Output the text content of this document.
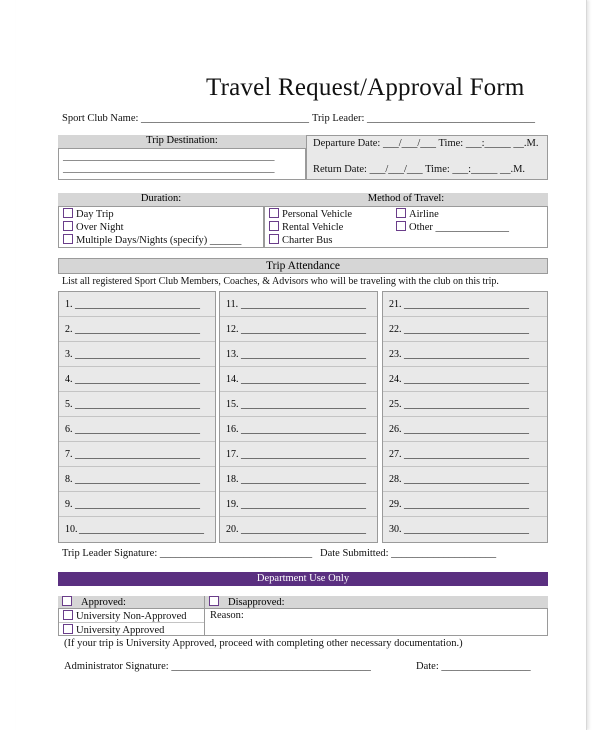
Travel Request/Approval Form
Sport Club Name: ________________________________ Trip Leader: ________________________________
Trip Destination:
_______________________________________________
_______________________________________________
Departure Date: ___/___/___ Time: ___:_____ __.M.
Return Date: ___/___/___ Time: ___:_____ __.M.
Duration:
Day Trip
Over Night
Multiple Days/Nights (specify) ______
Method of Travel:
Personal Vehicle
Rental Vehicle
Charter Bus
Airline
Other ______________
Trip Attendance
List all registered Sport Club Members, Coaches, & Advisors who will be traveling with the club on this trip.
1. _________________________
2. _________________________
3. _________________________
4. _________________________
5. _________________________
6. _________________________
7. _________________________
8. _________________________
9. _________________________
10. _________________________
11. _________________________
12. _________________________
13. _________________________
14. _________________________
15. _________________________
16. _________________________
17. _________________________
18. _________________________
19. _________________________
20. _________________________
21. _________________________
22. _________________________
23. _________________________
24. _________________________
25. _________________________
26. _________________________
27. _________________________
28. _________________________
29. _________________________
30. _________________________
Trip Leader Signature: _____________________________ Date Submitted: ____________________
Department Use Only
Approved:	Disapproved:
University Non-Approved
University Approved
Reason:
(If your trip is University Approved, proceed with completing other necessary documentation.)
Administrator Signature: ______________________________________	Date: _________________
